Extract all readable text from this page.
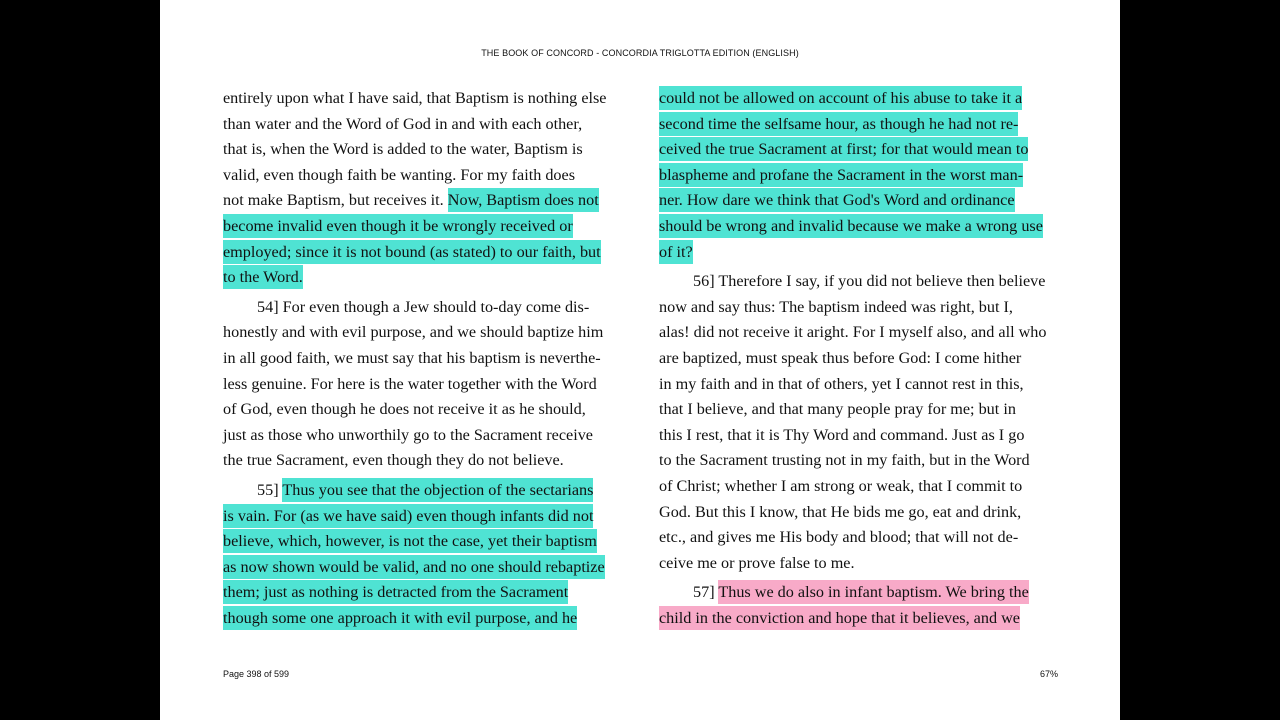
THE BOOK OF CONCORD - CONCORDIA TRIGLOTTA EDITION (ENGLISH)

entirely upon what I have said, that Baptism is nothing else
than water and the Word of God in and with each other,
that is, when the Word is added to the water, Baptism is
valid, even though faith be wanting. For my faith does
not make Baptism, but receives it. Now, Baptism does not
become invalid even though it be wrongly received or
employed; since it is not bound (as stated) to our faith, but
to the Word.

54] For even though a Jew should to-day come dis-
honestly and with evil purpose, and we should baptize him
in all good faith, we must say that his baptism is neverthe-
less genuine. For here is the water together with the Word
of God, even though he does not receive it as he should,
just as those who unworthily go to the Sacrament receive
the true Sacrament, even though they do not believe.

55] Thus you see that the objection of the sectarians
is vain. For (as we have said) even though infants did not
believe, which, however, is not the case, yet their baptism
as now shown would be valid, and no one should rebaptize
them; just as nothing is detracted from the Sacrament
though some one approach it with evil purpose, and he

could not be allowed on account of his abuse to take it a
second time the selfsame hour, as though he had not re-
ceived the true Sacrament at first; for that would mean to
blaspheme and profane the Sacrament in the worst man-
ner. How dare we think that God's Word and ordinance
should be wrong and invalid because we make a wrong use
of it?

56] Therefore I say, if you did not believe then believe
now and say thus: The baptism indeed was right, but I,
alas! did not receive it aright. For I myself also, and all who
are baptized, must speak thus before God: I come hither
in my faith and in that of others, yet I cannot rest in this,
that I believe, and that many people pray for me; but in
this I rest, that it is Thy Word and command. Just as I go
to the Sacrament trusting not in my faith, but in the Word
of Christ; whether I am strong or weak, that I commit to
God. But this I know, that He bids me go, eat and drink,
etc., and gives me His body and blood; that will not de-
ceive me or prove false to me.

57] Thus we do also in infant baptism. We bring the
child in the conviction and hope that it believes, and we

Page 398 of 599	67%
